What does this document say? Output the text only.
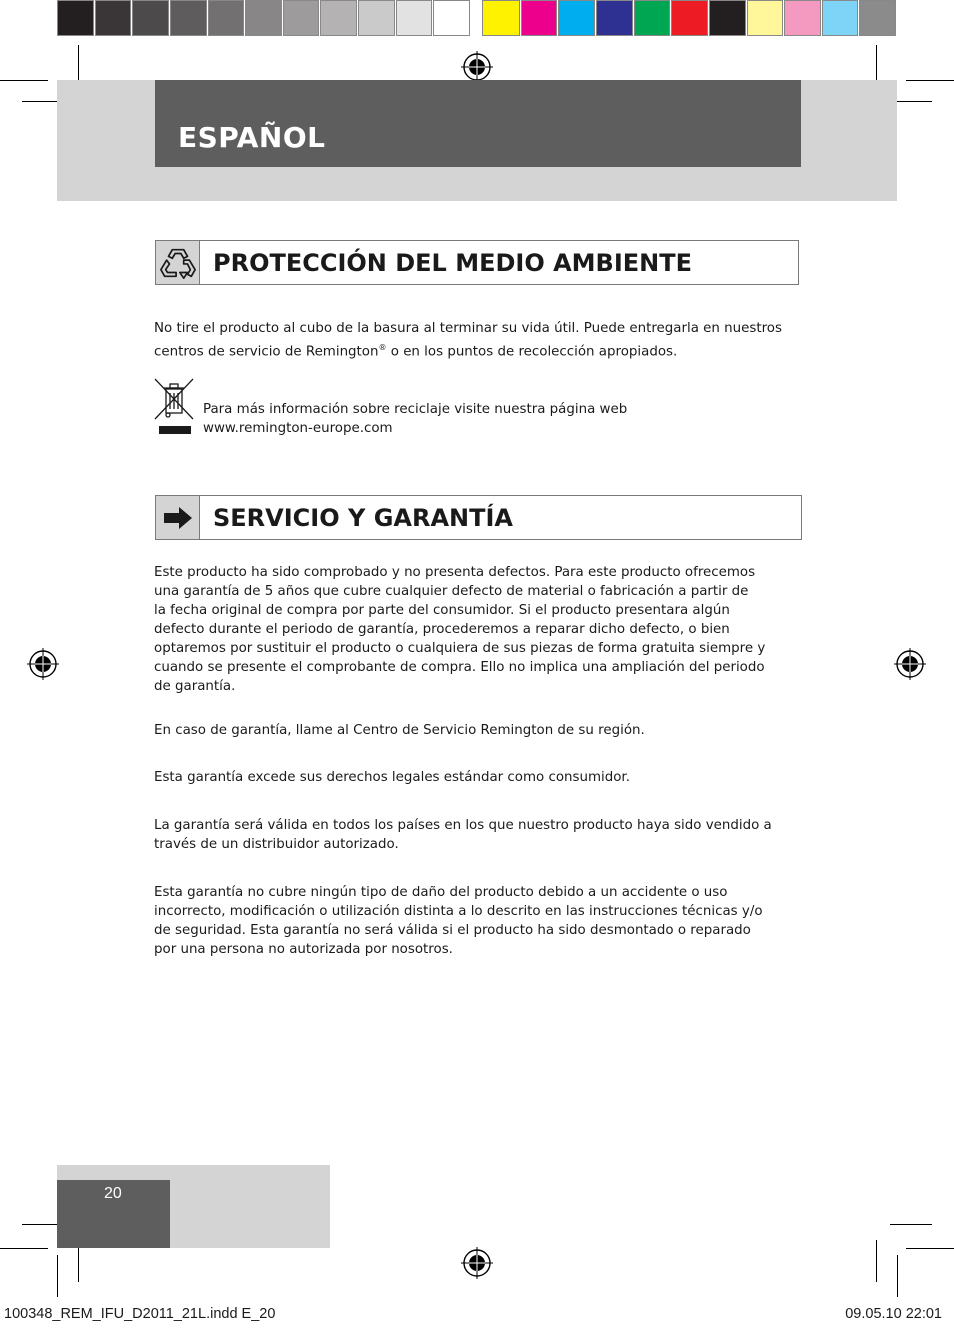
ESPAÑOL
PROTECCIÓN DEL MEDIO AMBIENTE

No tire el producto al cubo de la basura al terminar su vida útil. Puede entregarla en nuestros

centros de servicio de Remington® o en los puntos de recolección apropiados.

Para más información sobre reciclaje visite nuestra página web

www.remington-europe.com

SERVICIO Y GARANTÍA

Este producto ha sido comprobado y no presenta defectos. Para este producto ofrecemos

una garantía de 5 años que cubre cualquier defecto de material o fabricación a partir de

la fecha original de compra por parte del consumidor. Si el producto presentara algún

defecto durante el periodo de garantía, procederemos a reparar dicho defecto, o bien

optaremos por sustituir el producto o cualquiera de sus piezas de forma gratuita siempre y

cuando se presente el comprobante de compra. Ello no implica una ampliación del periodo

de garantía.

En caso de garantía, llame al Centro de Servicio Remington de su región.

Esta garantía excede sus derechos legales estándar como consumidor.

La garantía será válida en todos los países en los que nuestro producto haya sido vendido a

través de un distribuidor autorizado.

Esta garantía no cubre ningún tipo de daño del producto debido a un accidente o uso

incorrecto, modificación o utilización distinta a lo descrito en las instrucciones técnicas y/o

de seguridad. Esta garantía no será válida si el producto ha sido desmontado o reparado

por una persona no autorizada por nosotros.

20
100348_REM_IFU_D2011_21L.indd E_20	09.05.10 22:01
